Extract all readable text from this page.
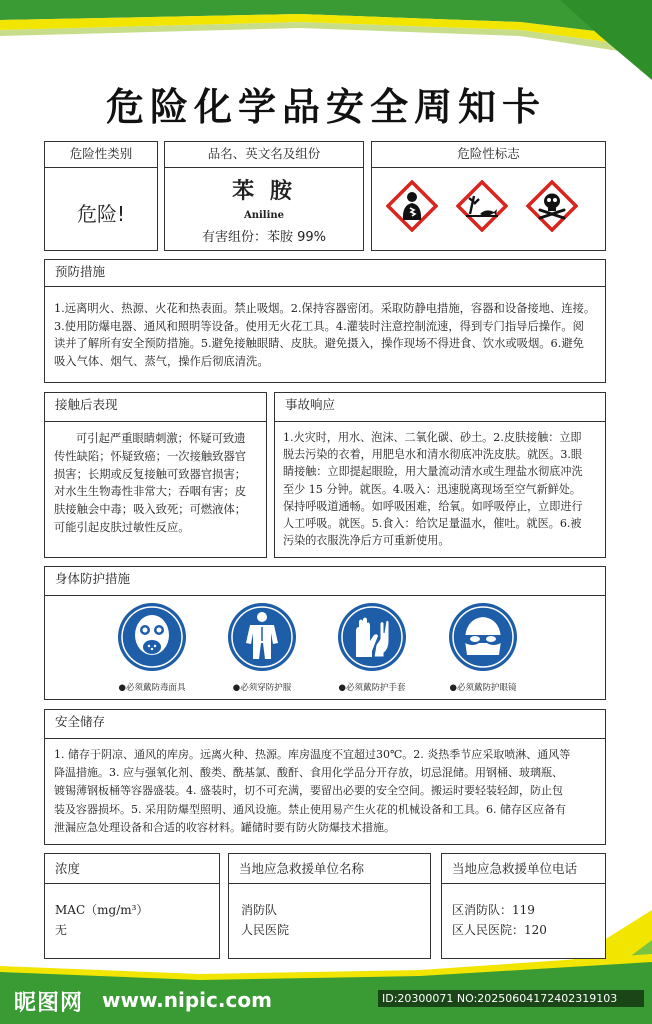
危险化学品安全周知卡
危险性类别
危险!
品名、英文名及组份
苯 胺
Aniline
有害组份：苯胺 99%
危险性标志
预防措施
1.远离明火、热源、火花和热表面。禁止吸烟。2.保持容器密闭。采取防静电措施，容器和设备接地、连接。
3.使用防爆电器、通风和照明等设备。使用无火花工具。4.灌装时注意控制流速，得到专门指导后操作。阅
读并了解所有安全预防措施。5.避免接触眼睛、皮肤。避免摄入，操作现场不得进食、饮水或吸烟。6.避免
吸入气体、烟气、蒸气，操作后彻底清洗。
接触后表现
可引起严重眼睛刺激；怀疑可致遗
传性缺陷；怀疑致癌；一次接触致器官
损害；长期或反复接触可致器官损害；
对水生生物毒性非常大；吞咽有害；皮
肤接触会中毒；吸入致死；可燃液体；
可能引起皮肤过敏性反应。
事故响应
1.火灾时，用水、泡沫、二氧化碳、砂土。2.皮肤接触：立即
脱去污染的衣着，用肥皂水和清水彻底冲洗皮肤。就医。3.眼
睛接触：立即提起眼睑，用大量流动清水或生理盐水彻底冲洗
至少 15 分钟。就医。4.吸入：迅速脱离现场至空气新鲜处。
保持呼吸道通畅。如呼吸困难，给氧。如呼吸停止，立即进行
人工呼吸。就医。5.食入：给饮足量温水，催吐。就医。6.被
污染的衣服洗净后方可重新使用。
身体防护措施
●必须戴防毒面具	●必须穿防护服	●必须戴防护手套	●必须戴防护眼镜
安全储存
1. 储存于阴凉、通风的库房。远离火种、热源。库房温度不宜超过30℃。2. 炎热季节应采取喷淋、通风等
降温措施。3. 应与强氧化剂、酸类、酰基氯、酸酐、食用化学品分开存放，切忌混储。用钢桶、玻璃瓶、
镀锡薄钢板桶等容器盛装。4. 盛装时，切不可充满，要留出必要的安全空间。搬运时要轻装轻卸，防止包
装及容器损坏。5. 采用防爆型照明、通风设施。禁止使用易产生火花的机械设备和工具。6. 储存区应备有
泄漏应急处理设备和合适的收容材料。罐储时要有防火防爆技术措施。
浓度
MAC（mg/m³）
无
当地应急救援单位名称
消防队
人民医院
当地应急救援单位电话
区消防队：119
区人民医院：120
昵图网 www.nipic.com	ID:20300071 NO:20250604172402319103
